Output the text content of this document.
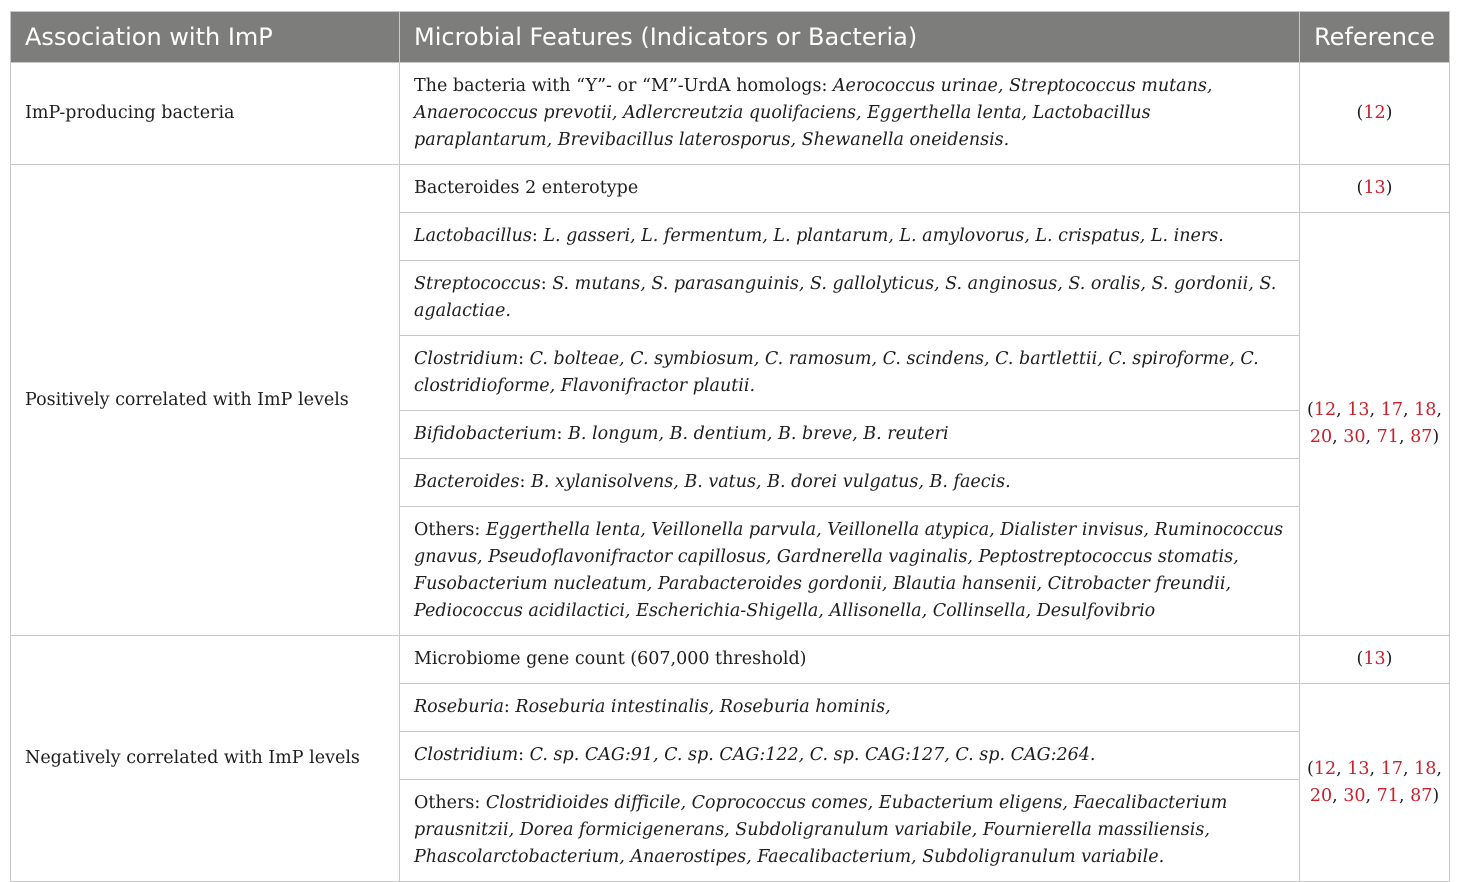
Association with ImP	Microbial Features (Indicators or Bacteria)	Reference
ImP-producing bacteria	The bacteria with “Y”- or “M”-UrdA homologs: Aerococcus urinae, Streptococcus mutans, Anaerococcus prevotii, Adlercreutzia quolifaciens, Eggerthella lenta, Lactobacillus paraplantarum, Brevibacillus laterosporus, Shewanella oneidensis.	(12)
Positively correlated with ImP levels	Bacteroides 2 enterotype	(13)
	Lactobacillus: L. gasseri, L. fermentum, L. plantarum, L. amylovorus, L. crispatus, L. iners.	(12, 13, 17, 18, 20, 30, 71, 87)
	Streptococcus: S. mutans, S. parasanguinis, S. gallolyticus, S. anginosus, S. oralis, S. gordonii, S. agalactiae.	
	Clostridium: C. bolteae, C. symbiosum, C. ramosum, C. scindens, C. bartlettii, C. spiroforme, C. clostridioforme, Flavonifractor plautii.	
	Bifidobacterium: B. longum, B. dentium, B. breve, B. reuteri	
	Bacteroides: B. xylanisolvens, B. vatus, B. dorei vulgatus, B. faecis.	
	Others: Eggerthella lenta, Veillonella parvula, Veillonella atypica, Dialister invisus, Ruminococcus gnavus, Pseudoflavonifractor capillosus, Gardnerella vaginalis, Peptostreptococcus stomatis, Fusobacterium nucleatum, Parabacteroides gordonii, Blautia hansenii, Citrobacter freundii, Pediococcus acidilactici, Escherichia-Shigella, Allisonella, Collinsella, Desulfovibrio	
Negatively correlated with ImP levels	Microbiome gene count (607,000 threshold)	(13)
	Roseburia: Roseburia intestinalis, Roseburia hominis,	(12, 13, 17, 18, 20, 30, 71, 87)
	Clostridium: C. sp. CAG:91, C. sp. CAG:122, C. sp. CAG:127, C. sp. CAG:264.	
	Others: Clostridioides difficile, Coprococcus comes, Eubacterium eligens, Faecalibacterium prausnitzii, Dorea formicigenerans, Subdoligranulum variabile, Fournierella massiliensis, Phascolarctobacterium, Anaerostipes, Faecalibacterium, Subdoligranulum variabile.	
